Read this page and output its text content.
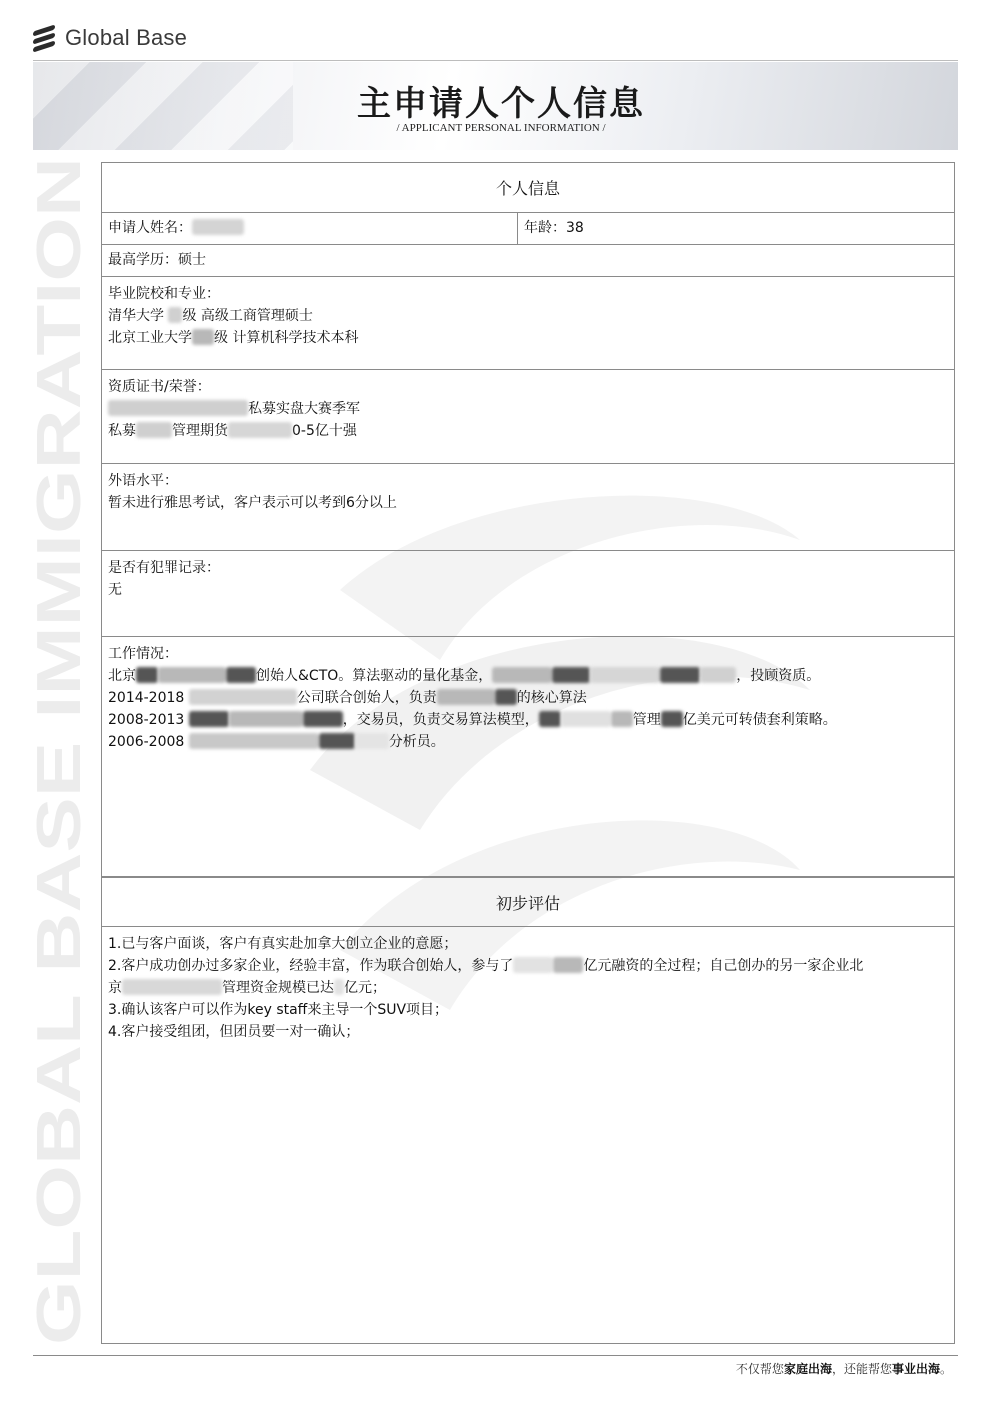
Global Base
主申请人个人信息
/ APPLICANT PERSONAL INFORMATION /
GLOBAL BASE IMMIGRATION
个人信息
申请人姓名：	年龄：38
最高学历：硕士
毕业院校和专业：
清华大学 级 高级工商管理硕士
北京工业大学 级 计算机科学技术本科
资质证书/荣誉：
私募实盘大赛季军
私募	管理期货	0-5亿十强
外语水平：
暂未进行雅思考试，客户表示可以考到6分以上
是否有犯罪记录：
无
工作情况：
北京	创始人&CTO。算法驱动的量化基金，	，投顾资质。
2014-2018	公司联合创始人，负责	的核心算法
2008-2013	，交易员，负责交易算法模型，	管理 亿美元可转债套利策略。
2006-2008	分析员。
初步评估
1.已与客户面谈，客户有真实赴加拿大创立企业的意愿；
2.客户成功创办过多家企业，经验丰富，作为联合创始人，参与了	亿元融资的全过程；自己创办的另一家企业北
京	管理资金规模已达 亿元；
3.确认该客户可以作为key staff来主导一个SUV项目；
4.客户接受组团，但团员要一对一确认；
不仅帮您家庭出海，还能帮您事业出海。
